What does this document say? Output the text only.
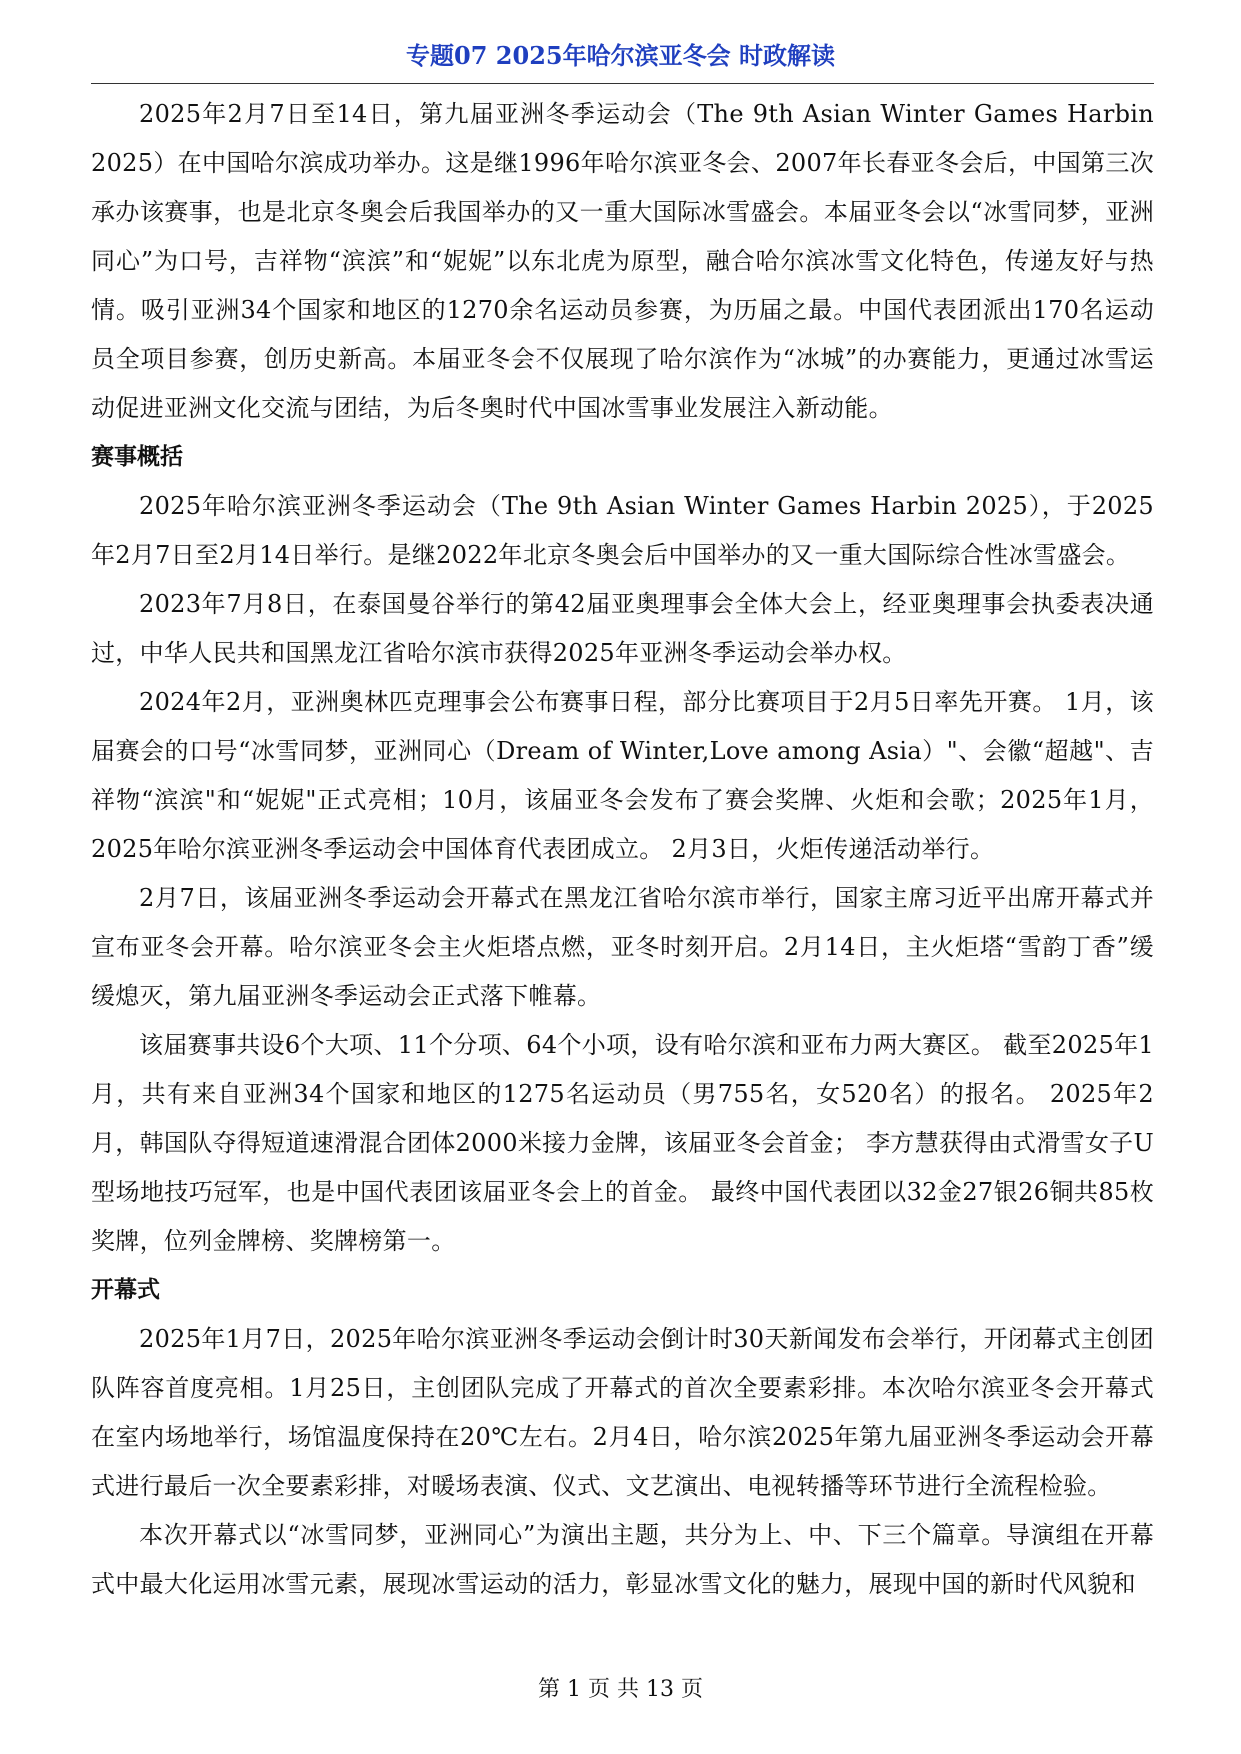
专题07 2025年哈尔滨亚冬会 时政解读

2025年2月7日至14日，第九届亚洲冬季运动会（The 9th Asian Winter Games Harbin 2025）在中国哈尔滨成功举办。这是继1996年哈尔滨亚冬会、2007年长春亚冬会后，中国第三次承办该赛事，也是北京冬奥会后我国举办的又一重大国际冰雪盛会。本届亚冬会以“冰雪同梦，亚洲同心”为口号，吉祥物“滨滨”和“妮妮”以东北虎为原型，融合哈尔滨冰雪文化特色，传递友好与热情。吸引亚洲34个国家和地区的1270余名运动员参赛，为历届之最。中国代表团派出170名运动员全项目参赛，创历史新高。本届亚冬会不仅展现了哈尔滨作为“冰城”的办赛能力，更通过冰雪运动促进亚洲文化交流与团结，为后冬奥时代中国冰雪事业发展注入新动能。

赛事概括

2025年哈尔滨亚洲冬季运动会（The 9th Asian Winter Games Harbin 2025），于2025年2月7日至2月14日举行。是继2022年北京冬奥会后中国举办的又一重大国际综合性冰雪盛会。

2023年7月8日，在泰国曼谷举行的第42届亚奥理事会全体大会上，经亚奥理事会执委表决通过，中华人民共和国黑龙江省哈尔滨市获得2025年亚洲冬季运动会举办权。

2024年2月，亚洲奥林匹克理事会公布赛事日程，部分比赛项目于2月5日率先开赛。 1月，该届赛会的口号“冰雪同梦，亚洲同心（Dream of Winter,Love among Asia）"、会徽“超越"、吉祥物“滨滨"和“妮妮"正式亮相；10月，该届亚冬会发布了赛会奖牌、火炬和会歌；2025年1月，2025年哈尔滨亚洲冬季运动会中国体育代表团成立。 2月3日，火炬传递活动举行。

2月7日，该届亚洲冬季运动会开幕式在黑龙江省哈尔滨市举行，国家主席习近平出席开幕式并宣布亚冬会开幕。哈尔滨亚冬会主火炬塔点燃，亚冬时刻开启。2月14日，主火炬塔“雪韵丁香”缓缓熄灭，第九届亚洲冬季运动会正式落下帷幕。

该届赛事共设6个大项、11个分项、64个小项，设有哈尔滨和亚布力两大赛区。 截至2025年1月，共有来自亚洲34个国家和地区的1275名运动员（男755名，女520名）的报名。 2025年2月，韩国队夺得短道速滑混合团体2000米接力金牌，该届亚冬会首金； 李方慧获得由式滑雪女子U型场地技巧冠军，也是中国代表团该届亚冬会上的首金。 最终中国代表团以32金27银26铜共85枚奖牌，位列金牌榜、奖牌榜第一。

开幕式

2025年1月7日，2025年哈尔滨亚洲冬季运动会倒计时30天新闻发布会举行，开闭幕式主创团队阵容首度亮相。1月25日，主创团队完成了开幕式的首次全要素彩排。本次哈尔滨亚冬会开幕式在室内场地举行，场馆温度保持在20℃左右。2月4日，哈尔滨2025年第九届亚洲冬季运动会开幕式进行最后一次全要素彩排，对暖场表演、仪式、文艺演出、电视转播等环节进行全流程检验。

本次开幕式以“冰雪同梦，亚洲同心”为演出主题，共分为上、中、下三个篇章。导演组在开幕式中最大化运用冰雪元素，展现冰雪运动的活力，彰显冰雪文化的魅力，展现中国的新时代风貌和

第 1 页 共 13 页
